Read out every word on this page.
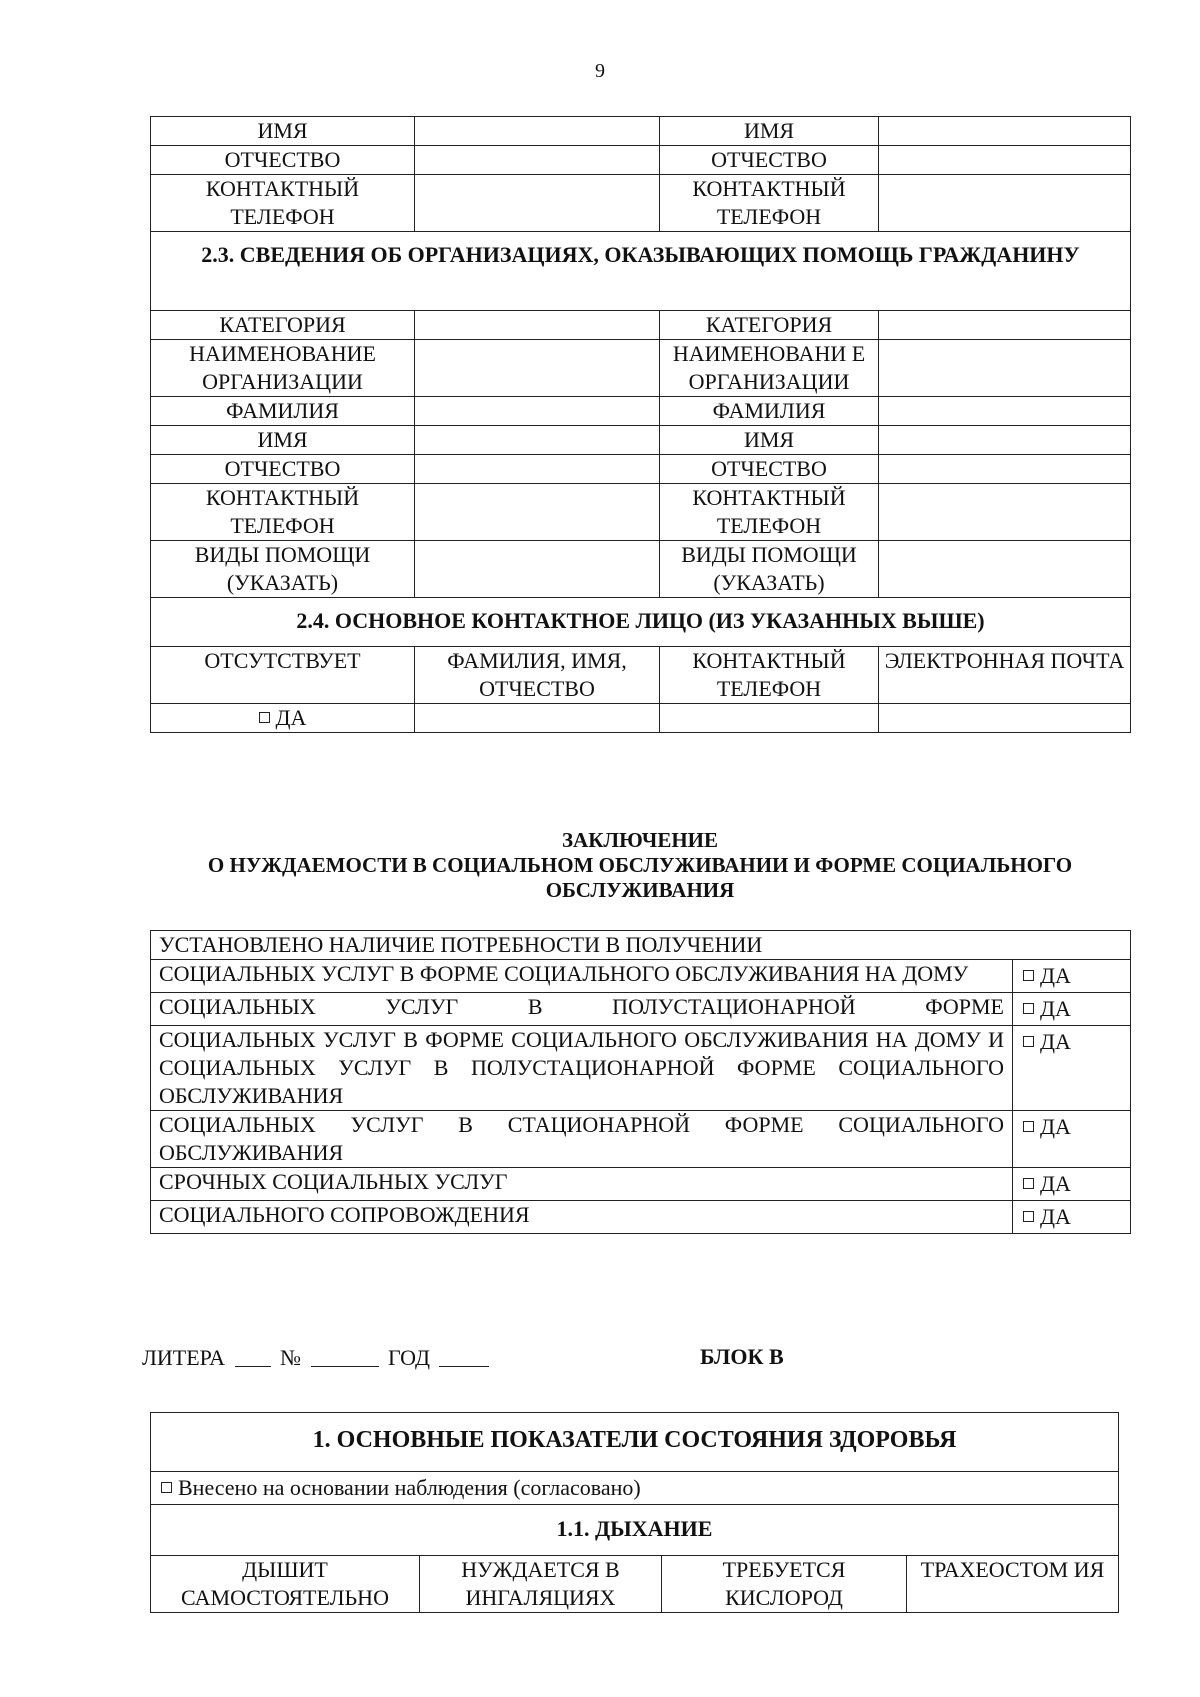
9
ИМЯ		ИМЯ	
ОТЧЕСТВО		ОТЧЕСТВО	
КОНТАКТНЫЙ ТЕЛЕФОН		КОНТАКТНЫЙ ТЕЛЕФОН	
2.3. СВЕДЕНИЯ ОБ ОРГАНИЗАЦИЯХ, ОКАЗЫВАЮЩИХ ПОМОЩЬ ГРАЖДАНИНУ			
КАТЕГОРИЯ		КАТЕГОРИЯ	
НАИМЕНОВАНИЕ ОРГАНИЗАЦИИ		НАИМЕНОВАНИ Е ОРГАНИЗАЦИИ	
ФАМИЛИЯ		ФАМИЛИЯ	
ИМЯ		ИМЯ	
ОТЧЕСТВО		ОТЧЕСТВО	
КОНТАКТНЫЙ ТЕЛЕФОН		КОНТАКТНЫЙ ТЕЛЕФОН	
ВИДЫ ПОМОЩИ (УКАЗАТЬ)		ВИДЫ ПОМОЩИ (УКАЗАТЬ)	
2.4. ОСНОВНОЕ КОНТАКТНОЕ ЛИЦО (ИЗ УКАЗАННЫХ ВЫШЕ)			
ОТСУТСТВУЕТ	ФАМИЛИЯ, ИМЯ, ОТЧЕСТВО	КОНТАКТНЫЙ ТЕЛЕФОН	ЭЛЕКТРОННАЯ ПОЧТА
ДА			
ЗАКЛЮЧЕНИЕ
О НУЖДАЕМОСТИ В СОЦИАЛЬНОМ ОБСЛУЖИВАНИИ И ФОРМЕ СОЦИАЛЬНОГО ОБСЛУЖИВАНИЯ
УСТАНОВЛЕНО НАЛИЧИЕ ПОТРЕБНОСТИ В ПОЛУЧЕНИИ	
СОЦИАЛЬНЫХ УСЛУГ В ФОРМЕ СОЦИАЛЬНОГО ОБСЛУЖИВАНИЯ НА ДОМУ	ДА

СОЦИАЛЬНЫХ УСЛУГ В ПОЛУСТАЦИОНАРНОЙ ФОРМЕ	ДА
СОЦИАЛЬНЫХ УСЛУГ В ФОРМЕ СОЦИАЛЬНОГО ОБСЛУЖИВАНИЯ НА ДОМУ И СОЦИАЛЬНЫХ УСЛУГ В ПОЛУСТАЦИОНАРНОЙ ФОРМЕ СОЦИАЛЬНОГО ОБСЛУЖИВАНИЯ	ДА
СОЦИАЛЬНЫХ УСЛУГ В СТАЦИОНАРНОЙ ФОРМЕ СОЦИАЛЬНОГО ОБСЛУЖИВАНИЯ	ДА
СРОЧНЫХ СОЦИАЛЬНЫХ УСЛУГ	ДА
СОЦИАЛЬНОГО СОПРОВОЖДЕНИЯ	ДА
ЛИТЕРА	№	ГОД	БЛОК В
1. ОСНОВНЫЕ ПОКАЗАТЕЛИ СОСТОЯНИЯ ЗДОРОВЬЯ
Внесено на основании наблюдения (согласовано)
1.1. ДЫХАНИЕ
ДЫШИТ САМОСТОЯТЕЛЬНО	НУЖДАЕТСЯ В ИНГАЛЯЦИЯХ	ТРЕБУЕТСЯ КИСЛОРОД	ТРАХЕОСТОМ ИЯ
